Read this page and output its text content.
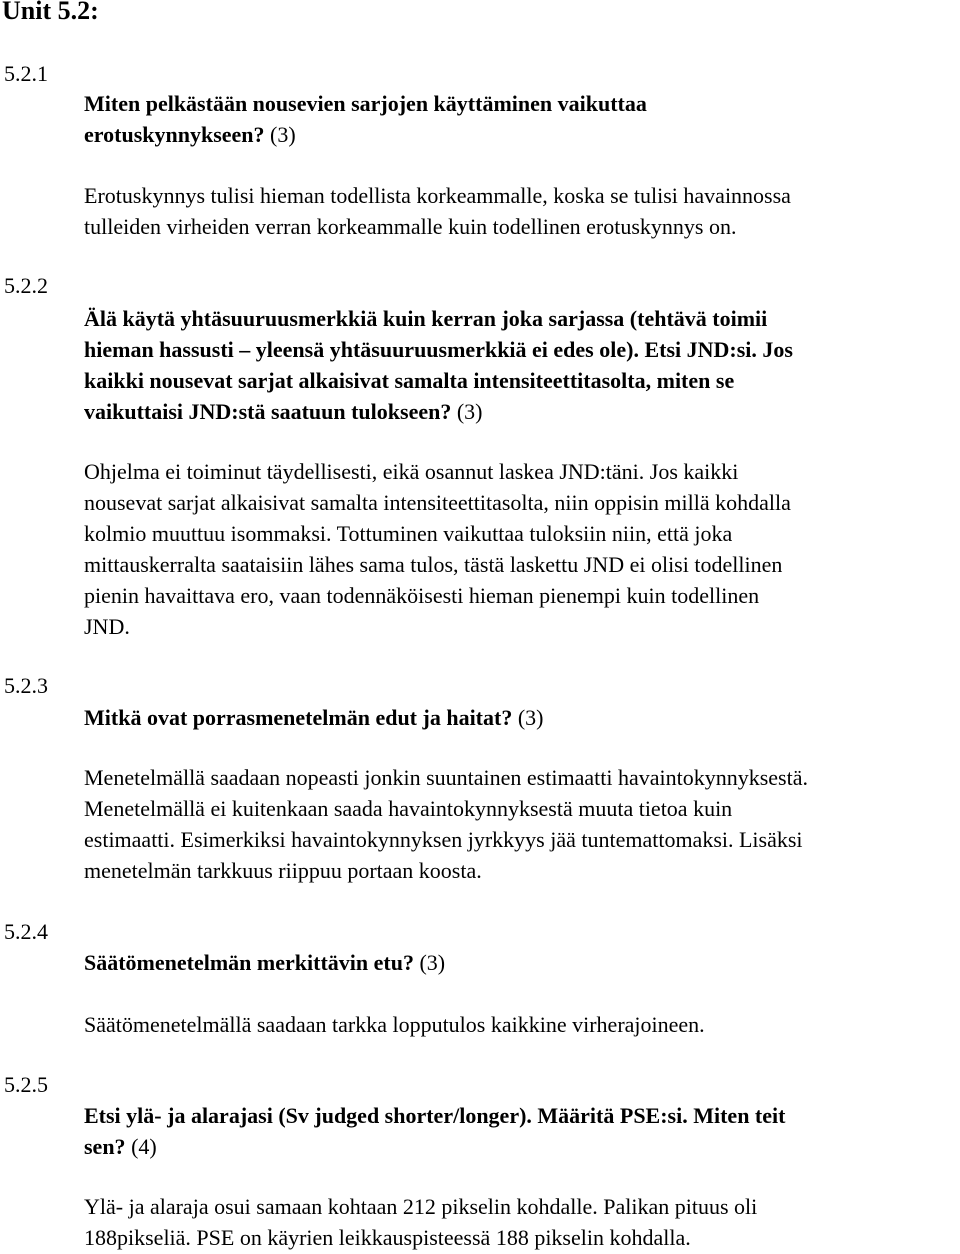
Unit 5.2:
5.2.1
Miten pelkästään nousevien sarjojen käyttäminen vaikuttaa
erotuskynnykseen? (3)
Erotuskynnys tulisi hieman todellista korkeammalle, koska se tulisi havainnossa
tulleiden virheiden verran korkeammalle kuin todellinen erotuskynnys on.
5.2.2
Älä käytä yhtäsuuruusmerkkiä kuin kerran joka sarjassa (tehtävä toimii
hieman hassusti – yleensä yhtäsuuruusmerkkiä ei edes ole). Etsi JND:si. Jos
kaikki nousevat sarjat alkaisivat samalta intensiteettitasolta, miten se
vaikuttaisi JND:stä saatuun tulokseen? (3)
Ohjelma ei toiminut täydellisesti, eikä osannut laskea JND:täni. Jos kaikki
nousevat sarjat alkaisivat samalta intensiteettitasolta, niin oppisin millä kohdalla
kolmio muuttuu isommaksi. Tottuminen vaikuttaa tuloksiin niin, että joka
mittauskerralta saataisiin lähes sama tulos, tästä laskettu JND ei olisi todellinen
pienin havaittava ero, vaan todennäköisesti hieman pienempi kuin todellinen
JND.
5.2.3
Mitkä ovat porrasmenetelmän edut ja haitat? (3)
Menetelmällä saadaan nopeasti jonkin suuntainen estimaatti havaintokynnyksestä.
Menetelmällä ei kuitenkaan saada havaintokynnyksestä muuta tietoa kuin
estimaatti. Esimerkiksi havaintokynnyksen jyrkkyys jää tuntemattomaksi. Lisäksi
menetelmän tarkkuus riippuu portaan koosta.
5.2.4
Säätömenetelmän merkittävin etu? (3)
Säätömenetelmällä saadaan tarkka lopputulos kaikkine virherajoineen.
5.2.5
Etsi ylä- ja alarajasi (Sv judged shorter/longer). Määritä PSE:si. Miten teit
sen? (4)
Ylä- ja alaraja osui samaan kohtaan 212 pikselin kohdalle. Palikan pituus oli
188pikseliä. PSE on käyrien leikkauspisteessä 188 pikselin kohdalla.
